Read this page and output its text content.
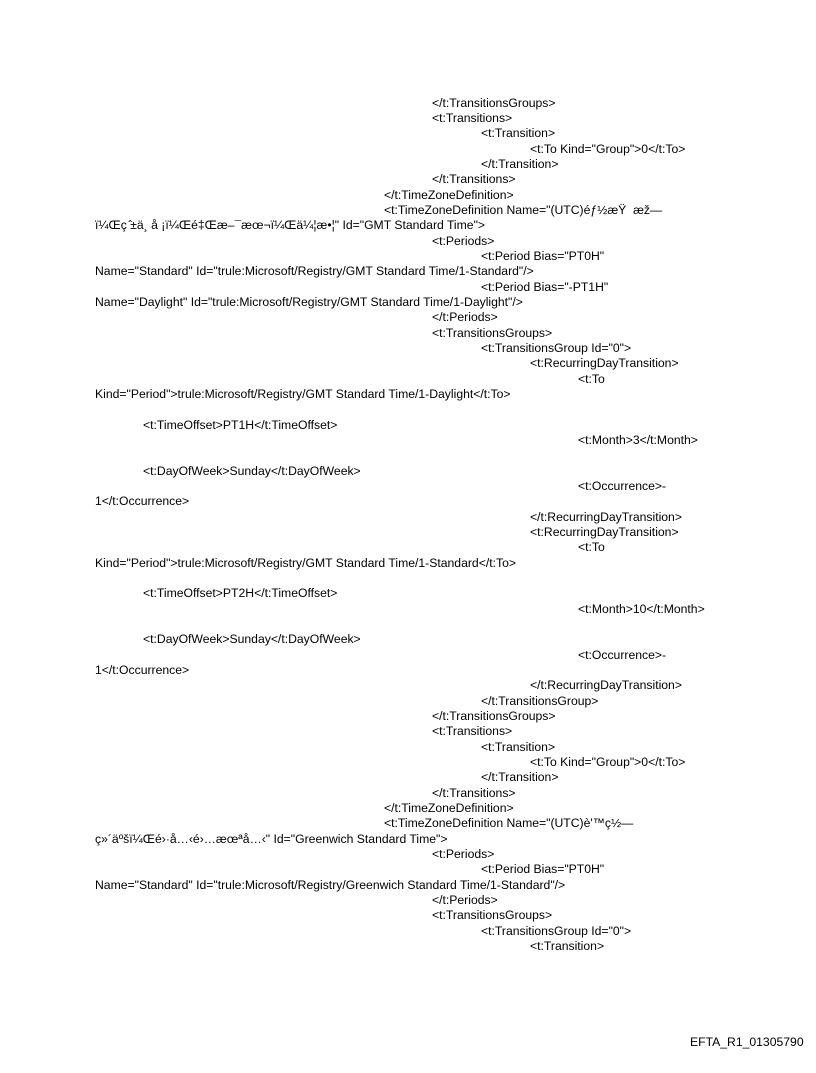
</t:TransitionsGroups>
<t:Transitions>
<t:Transition>
<t:To Kind="Group">0</t:To>
</t:Transition>
</t:Transitions>
</t:TimeZoneDefinition>
<t:TimeZoneDefinition Name="(UTC)éƒ½æŸ  æž—
ï¼Œç ̂±ä¸ å ¡ï¼Œé‡Œæ–¯æœ¬ï¼Œä¼¦æ•¦" Id="GMT Standard Time">
<t:Periods>
<t:Period Bias="PT0H"
Name="Standard" Id="trule:Microsoft/Registry/GMT Standard Time/1-Standard"/>
<t:Period Bias="-PT1H"
Name="Daylight" Id="trule:Microsoft/Registry/GMT Standard Time/1-Daylight"/>
</t:Periods>
<t:TransitionsGroups>
<t:TransitionsGroup Id="0">
<t:RecurringDayTransition>
<t:To
Kind="Period">trule:Microsoft/Registry/GMT Standard Time/1-Daylight</t:To>
<t:TimeOffset>PT1H</t:TimeOffset>
<t:Month>3</t:Month>
<t:DayOfWeek>Sunday</t:DayOfWeek>
<t:Occurrence>-
1</t:Occurrence>
</t:RecurringDayTransition>
<t:RecurringDayTransition>
<t:To
Kind="Period">trule:Microsoft/Registry/GMT Standard Time/1-Standard</t:To>
<t:TimeOffset>PT2H</t:TimeOffset>
<t:Month>10</t:Month>
<t:DayOfWeek>Sunday</t:DayOfWeek>
<t:Occurrence>-
1</t:Occurrence>
</t:RecurringDayTransition>
</t:TransitionsGroup>
</t:TransitionsGroups>
<t:Transitions>
<t:Transition>
<t:To Kind="Group">0</t:To>
</t:Transition>
</t:Transitions>
</t:TimeZoneDefinition>
<t:TimeZoneDefinition Name="(UTC)è'™ç½—
ç»´äºšï¼Œé›·å…‹é›…æœªå…‹" Id="Greenwich Standard Time">
<t:Periods>
<t:Period Bias="PT0H"
Name="Standard" Id="trule:Microsoft/Registry/Greenwich Standard Time/1-Standard"/>
</t:Periods>
<t:TransitionsGroups>
<t:TransitionsGroup Id="0">
<t:Transition>
EFTA_R1_01305790
